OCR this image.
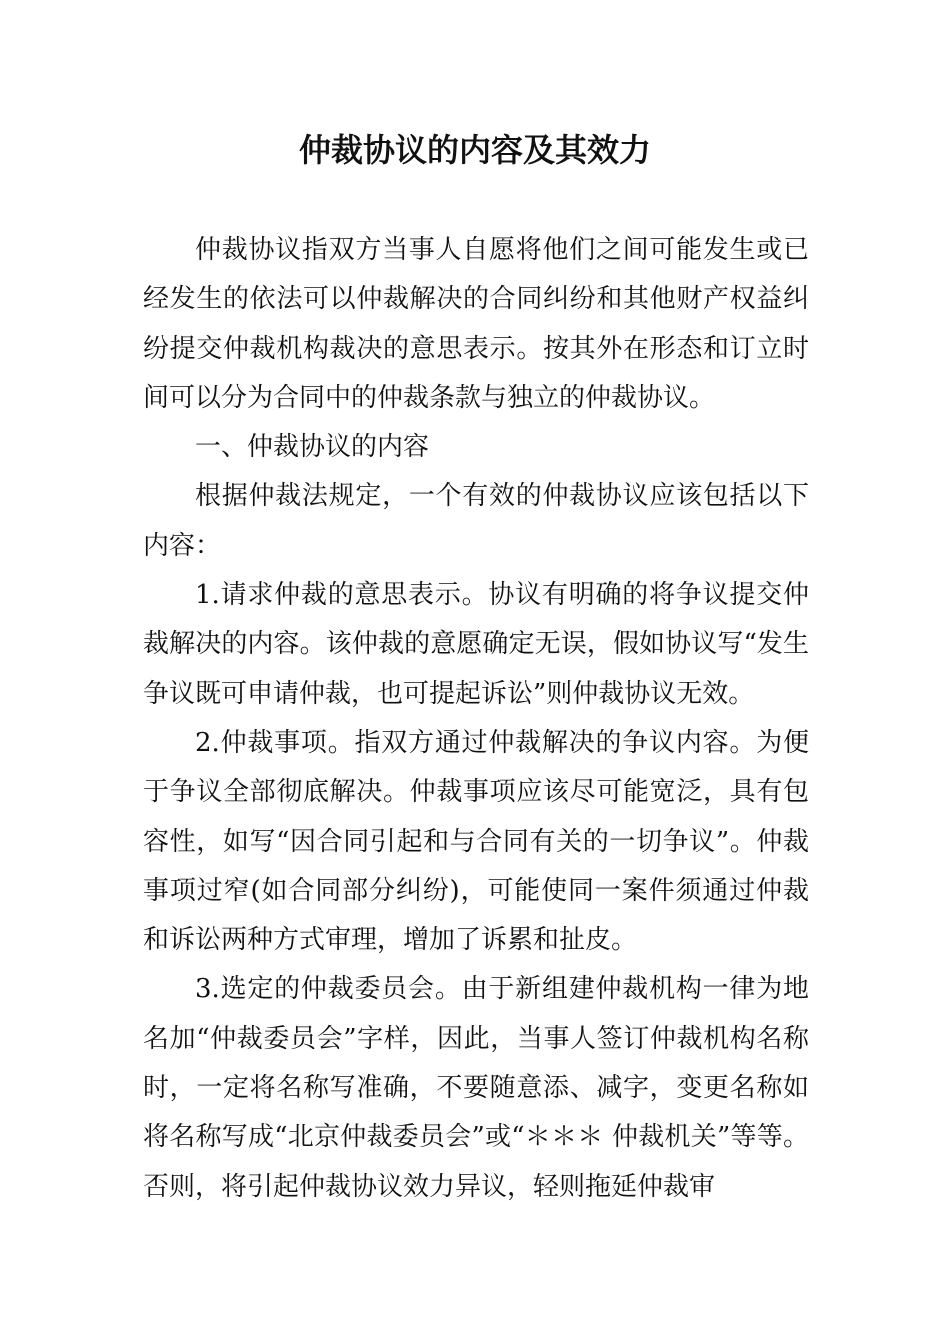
仲裁协议的内容及其效力

仲裁协议指双方当事人自愿将他们之间可能发生或已经发生的依法可以仲裁解决的合同纠纷和其他财产权益纠纷提交仲裁机构裁决的意思表示。按其外在形态和订立时间可以分为合同中的仲裁条款与独立的仲裁协议。

一、仲裁协议的内容

根据仲裁法规定，一个有效的仲裁协议应该包括以下内容：

1.请求仲裁的意思表示。协议有明确的将争议提交仲裁解决的内容。该仲裁的意愿确定无误，假如协议写“发生争议既可申请仲裁，也可提起诉讼”则仲裁协议无效。

2.仲裁事项。指双方通过仲裁解决的争议内容。为便于争议全部彻底解决。仲裁事项应该尽可能宽泛，具有包容性，如写“因合同引起和与合同有关的一切争议”。仲裁事项过窄(如合同部分纠纷)，可能使同一案件须通过仲裁和诉讼两种方式审理，增加了诉累和扯皮。

3.选定的仲裁委员会。由于新组建仲裁机构一律为地名加“仲裁委员会”字样，因此，当事人签订仲裁机构名称时，一定将名称写准确，不要随意添、减字，变更名称如将名称写成“北京仲裁委员会”或“＊＊＊ 仲裁机关”等等。否则，将引起仲裁协议效力异议，轻则拖延仲裁审
